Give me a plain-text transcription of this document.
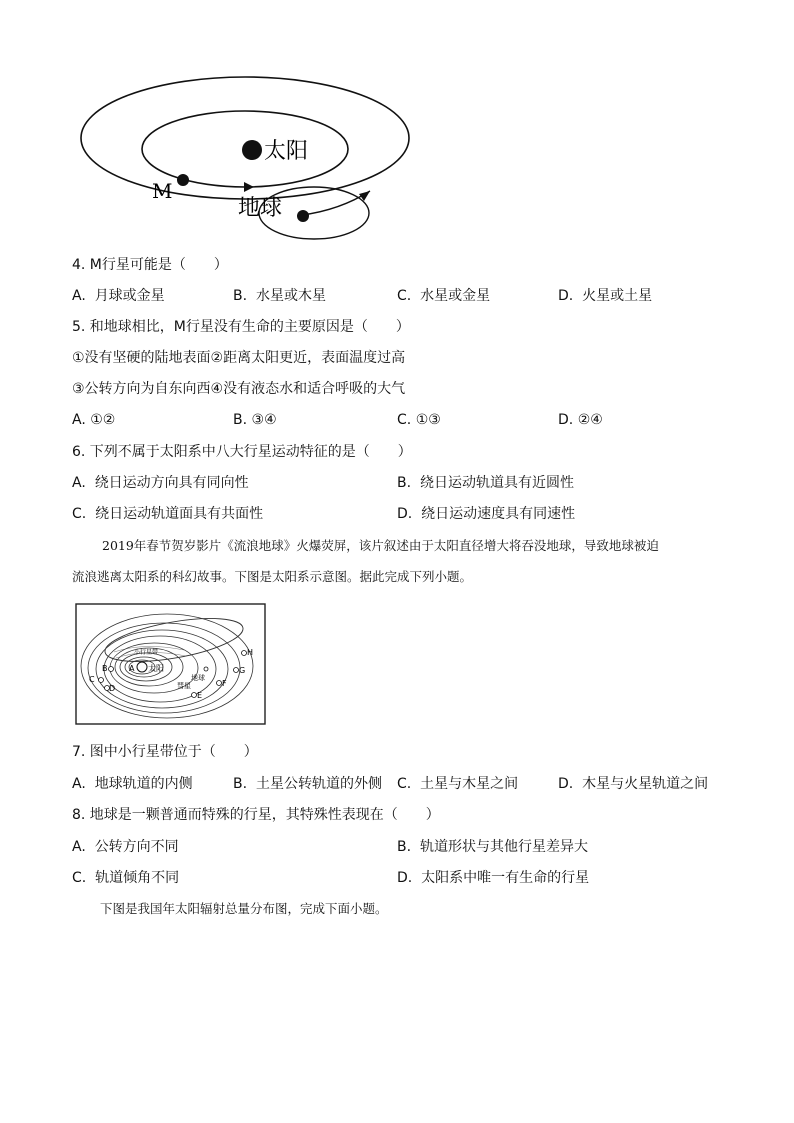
太阳
M
地球
4. M行星可能是（　　）
A. 月球或金星	B. 水星或木星	C. 水星或金星	D. 火星或土星
5. 和地球相比，M行星没有生命的主要原因是（　　）
①没有坚硬的陆地表面②距离太阳更近，表面温度过高
③公转方向为自东向西④没有液态水和适合呼吸的大气
A. ①②	B. ③④	C. ①③	D. ②④
6. 下列不属于太阳系中八大行星运动特征的是（　　）
A. 绕日运动方向具有同向性	B. 绕日运动轨道具有近圆性
C. 绕日运动轨道面具有共面性	D. 绕日运动速度具有同速性
2019年春节贺岁影片《流浪地球》火爆荧屏，该片叙述由于太阳直径增大将吞没地球，导致地球被迫
流浪逃离太阳系的科幻故事。下图是太阳系示意图。据此完成下列小题。
太阳
A
小行星带
B
C
D
E
F
G
H
彗星
地球
7. 图中小行星带位于（　　）
A. 地球轨道的内侧	B. 土星公转轨道的外侧 C. 土星与木星之间	D. 木星与火星轨道之间
8. 地球是一颗普通而特殊的行星，其特殊性表现在（　　）
A. 公转方向不同	B. 轨道形状与其他行星差异大
C. 轨道倾角不同	D. 太阳系中唯一有生命的行星
下图是我国年太阳辐射总量分布图，完成下面小题。
